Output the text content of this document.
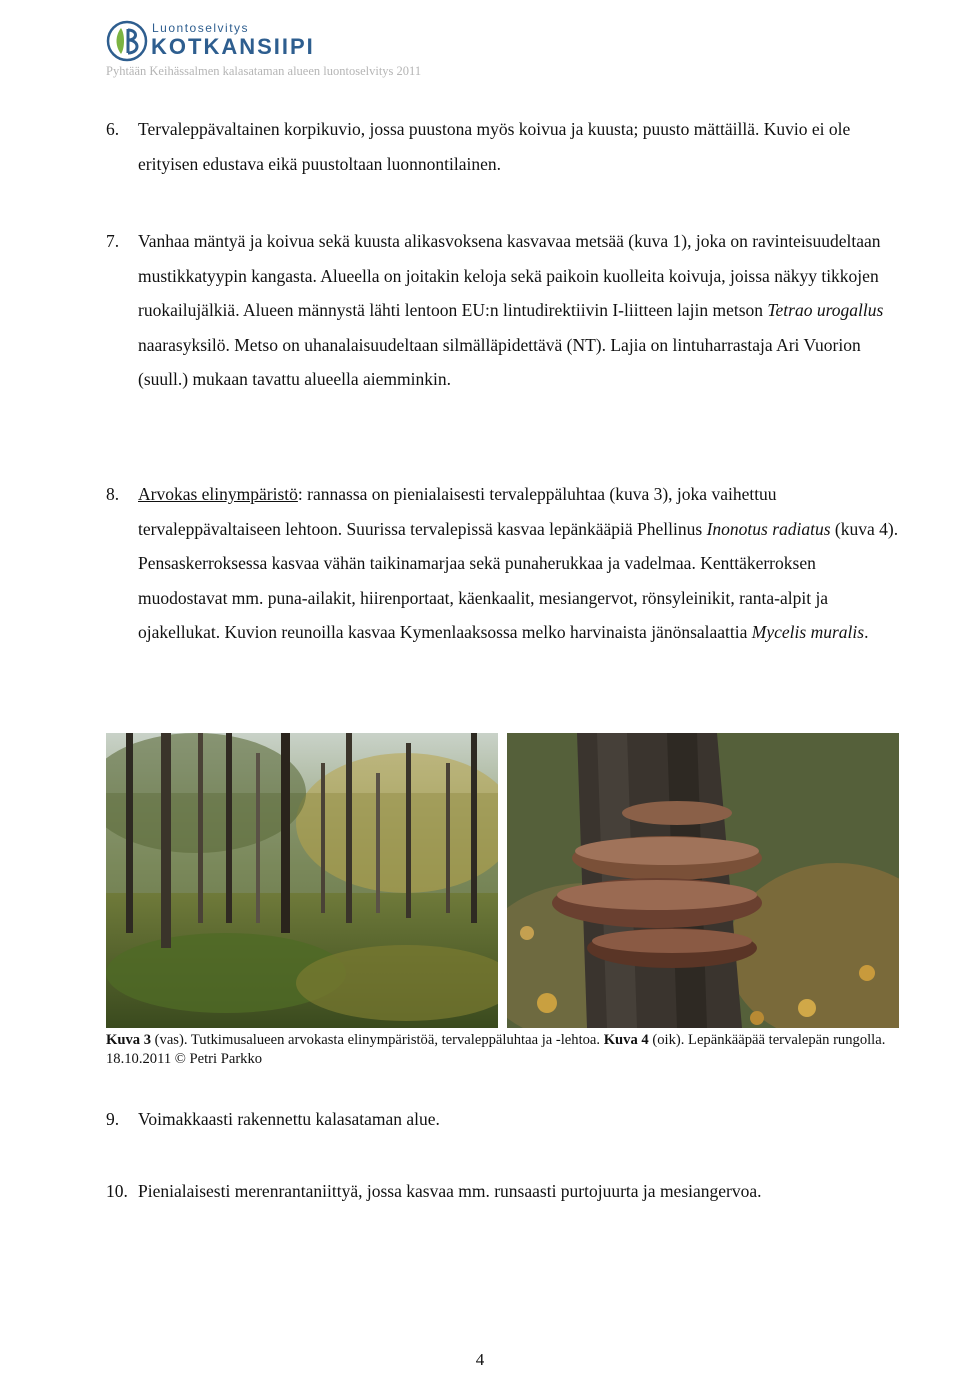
Luontoselvitys
KOTKANSIIPI
Pyhtään Keihässalmen kalasataman alueen luontoselvitys 2011
6. Tervaleppävaltainen korpikuvio, jossa puustona myös koivua ja kuusta; puusto mättäillä. Kuvio ei ole erityisen edustava eikä puustoltaan luonnontilainen.
7. Vanhaa mäntyä ja koivua sekä kuusta alikasvoksena kasvavaa metsää (kuva 1), joka on ravinteisuudeltaan mustikkatyypin kangasta. Alueella on joitakin keloja sekä paikoin kuolleita koivuja, joissa näkyy tikkojen ruokailujälkiä. Alueen männystä lähti lentoon EU:n lintudirektiivin I-liitteen lajin metson Tetrao urogallus naarasyksilö. Metso on uhanalaisuudeltaan silmälläpidettävä (NT). Lajia on lintuharrastaja Ari Vuorion (suull.) mukaan tavattu alueella aiemminkin.
8. Arvokas elinympäristö: rannassa on pienialaisesti tervaleppäluhtaa (kuva 3), joka vaihettuu tervaleppävaltaiseen lehtoon. Suurissa tervalepissä kasvaa lepänkääpiä Phellinus Inonotus radiatus (kuva 4). Pensaskerroksessa kasvaa vähän taikinamarjaa sekä punaherukkaa ja vadelmaa. Kenttäkerroksen muodostavat mm. puna-ailakit, hiirenportaat, käenkaalit, mesiangervot, rönsyleinikit, ranta-alpit ja ojakellukat. Kuvion reunoilla kasvaa Kymenlaaksossa melko harvinaista jänönsalaattia Mycelis muralis.
Kuva 3 (vas). Tutkimusalueen arvokasta elinympäristöä, tervaleppäluhtaa ja -lehtoa. Kuva 4 (oik). Lepänkääpää tervalepän rungolla. 18.10.2011 © Petri Parkko
9. Voimakkaasti rakennettu kalasataman alue.
10. Pienialaisesti merenrantaniittyä, jossa kasvaa mm. runsaasti purtojuurta ja mesiangervoa.
4
